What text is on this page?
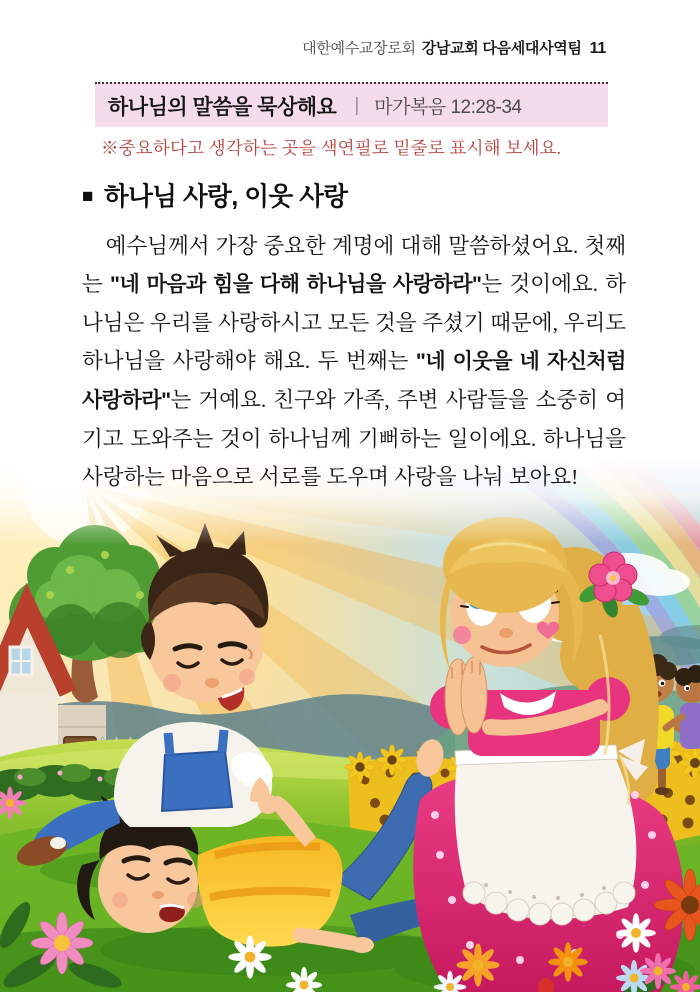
대한예수교장로회 강남교회 다음세대사역팀 11
하나님의 말씀을 묵상해요 | 마가복음 12:28-34
※중요하다고 생각하는 곳을 색연필로 밑줄로 표시해 보세요.
■ 하나님 사랑, 이웃 사랑
예수님께서 가장 중요한 계명에 대해 말씀하셨어요. 첫째는 "네 마음과 힘을 다해 하나님을 사랑하라"는 것이에요. 하나님은 우리를 사랑하시고 모든 것을 주셨기 때문에, 우리도 하나님을 사랑해야 해요. 두 번째는 "네 이웃을 네 자신처럼 사랑하라"는 거예요. 친구와 가족, 주변 사람들을 소중히 여기고 도와주는 것이 하나님께 기뻐하는 일이에요. 하나님을 사랑하는 마음으로 서로를 도우며 사랑을 나눠 보아요!
